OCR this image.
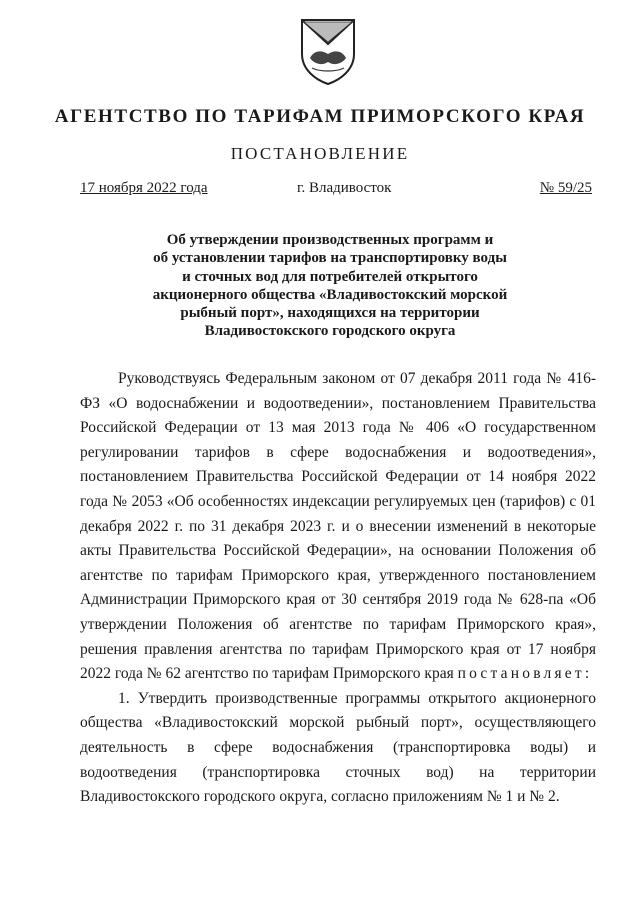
АГЕНТСТВО ПО ТАРИФАМ ПРИМОРСКОГО КРАЯ
ПОСТАНОВЛЕНИЕ
17 ноября 2022 года	г. Владивосток	№ 59/25
Об утверждении производственных программ и
об установлении тарифов на транспортировку воды
и сточных вод для потребителей открытого
акционерного общества «Владивостокский морской
рыбный порт», находящихся на территории
Владивостокского городского округа

Руководствуясь Федеральным законом от 07 декабря 2011 года № 416-ФЗ «О водоснабжении и водоотведении», постановлением Правительства Российской Федерации от 13 мая 2013 года № 406 «О государственном регулировании тарифов в сфере водоснабжения и водоотведения», постановлением Правительства Российской Федерации от 14 ноября 2022 года № 2053 «Об особенностях индексации регулируемых цен (тарифов) с 01 декабря 2022 г. по 31 декабря 2023 г. и о внесении изменений в некоторые акты Правительства Российской Федерации», на основании Положения об агентстве по тарифам Приморского края, утвержденного постановлением Администрации Приморского края от 30 сентября 2019 года № 628-па «Об утверждении Положения об агентстве по тарифам Приморского края», решения правления агентства по тарифам Приморского края от 17 ноября 2022 года № 62 агентство по тарифам Приморского края постановляет:

1. Утвердить производственные программы открытого акционерного общества «Владивостокский морской рыбный порт», осуществляющего деятельность в сфере водоснабжения (транспортировка воды) и водоотведения (транспортировка сточных вод) на территории Владивостокского городского округа, согласно приложениям № 1 и № 2.
